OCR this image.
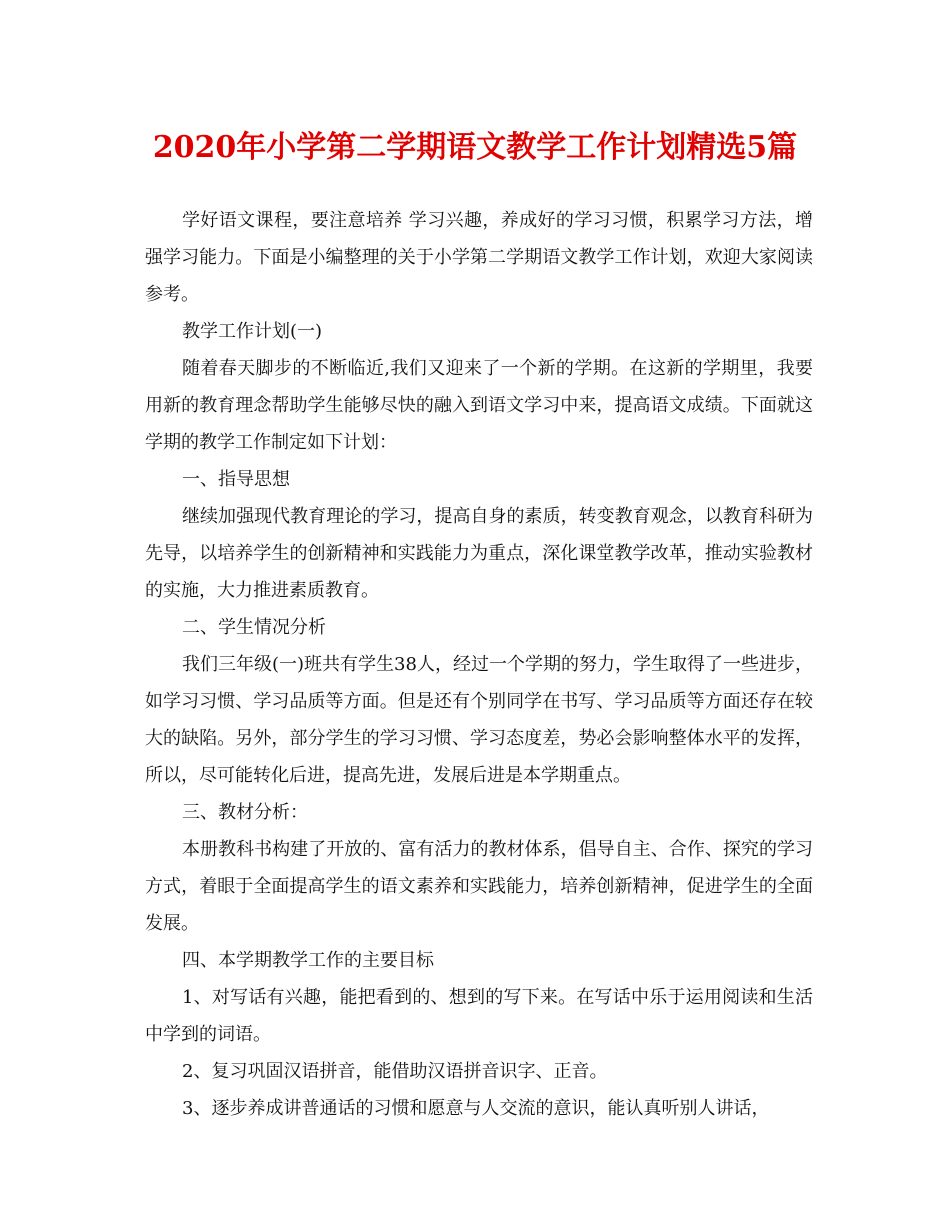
2020年小学第二学期语文教学工作计划精选5篇

学好语文课程，要注意培养 学习兴趣，养成好的学习习惯，积累学习方法，增强学习能力。下面是小编整理的关于小学第二学期语文教学工作计划，欢迎大家阅读参考。

教学工作计划(一)

随着春天脚步的不断临近,我们又迎来了一个新的学期。在这新的学期里，我要用新的教育理念帮助学生能够尽快的融入到语文学习中来，提高语文成绩。下面就这学期的教学工作制定如下计划：

一、指导思想

继续加强现代教育理论的学习，提高自身的素质，转变教育观念，以教育科研为先导，以培养学生的创新精神和实践能力为重点，深化课堂教学改革，推动实验教材的实施，大力推进素质教育。

二、学生情况分析

我们三年级(一)班共有学生38人，经过一个学期的努力，学生取得了一些进步，如学习习惯、学习品质等方面。但是还有个别同学在书写、学习品质等方面还存在较大的缺陷。另外，部分学生的学习习惯、学习态度差，势必会影响整体水平的发挥，所以，尽可能转化后进，提高先进，发展后进是本学期重点。

三、教材分析：

本册教科书构建了开放的、富有活力的教材体系，倡导自主、合作、探究的学习方式，着眼于全面提高学生的语文素养和实践能力，培养创新精神，促进学生的全面发展。

四、本学期教学工作的主要目标

1、对写话有兴趣，能把看到的、想到的写下来。在写话中乐于运用阅读和生活中学到的词语。

2、复习巩固汉语拼音，能借助汉语拼音识字、正音。

3、逐步养成讲普通话的习惯和愿意与人交流的意识，能认真听别人讲话，
